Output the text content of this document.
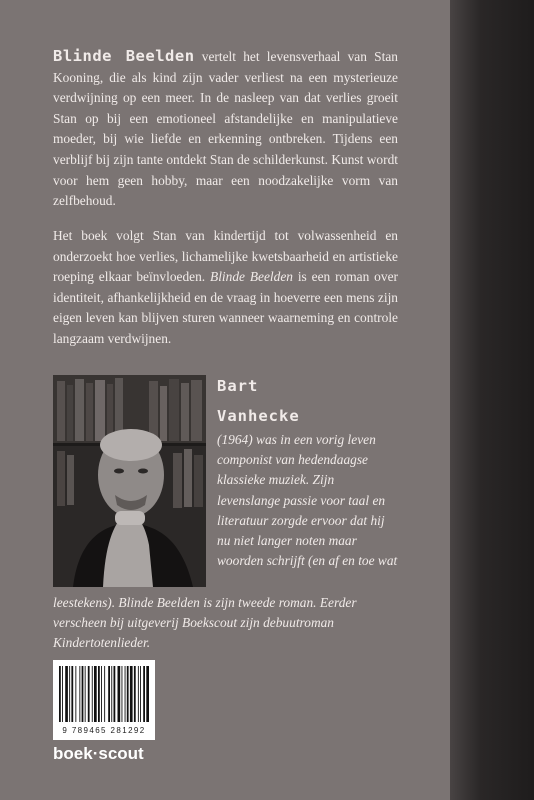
Blinde Beelden vertelt het levensverhaal van Stan Kooning, die als kind zijn vader verliest na een mysterieuze verdwijning op een meer. In de nasleep van dat verlies groeit Stan op bij een emotioneel afstandelijke en manipulatieve moeder, bij wie liefde en erkenning ontbreken. Tijdens een verblijf bij zijn tante ontdekt Stan de schilderkunst. Kunst wordt voor hem geen hobby, maar een noodzakelijke vorm van zelfbehoud.
Het boek volgt Stan van kindertijd tot volwassenheid en onderzoekt hoe verlies, lichamelijke kwetsbaarheid en artistieke roeping elkaar beïnvloeden. Blinde Beelden is een roman over identiteit, afhankelijkheid en de vraag in hoeverre een mens zijn eigen leven kan blijven sturen wanneer waarneming en controle langzaam verdwijnen.
Bart
Vanhecke
(1964) was in een vorig leven componist van hedendaagse klassieke muziek. Zijn levenslange passie voor taal en literatuur zorgde ervoor dat hij nu niet langer noten maar woorden schrijft (en af en toe wat
leestekens). Blinde Beelden is zijn tweede roman. Eerder verscheen bij uitgeverij Boekscout zijn debuutroman Kindertotenlieder.
9 789465 281292
boek·scout
